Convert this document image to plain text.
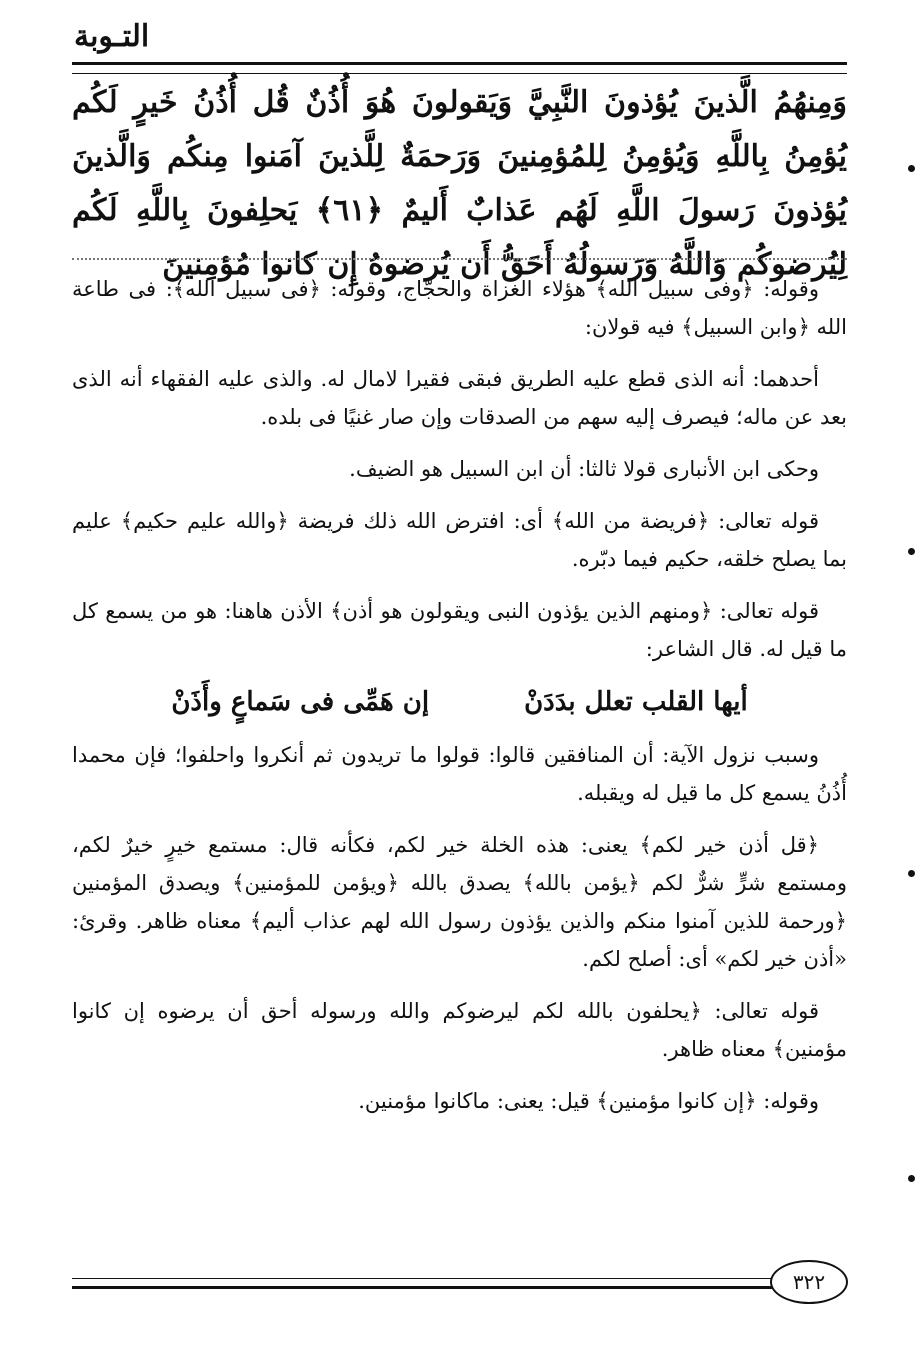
التـوبة
وَمِنهُمُ الَّذينَ يُؤذونَ النَّبِيَّ وَيَقولونَ هُوَ أُذُنٌ قُل أُذُنُ خَيرٍ لَكُم يُؤمِنُ بِاللَّهِ وَيُؤمِنُ لِلمُؤمِنينَ وَرَحمَةٌ لِلَّذينَ آمَنوا مِنكُم وَالَّذينَ يُؤذونَ رَسولَ اللَّهِ لَهُم عَذابٌ أَليمٌ ﴿٦١﴾ يَحلِفونَ بِاللَّهِ لَكُم لِيُرضوكُم وَاللَّهُ وَرَسولُهُ أَحَقُّ أَن يُرضوهُ إِن كانوا مُؤمِنينَ

وقوله: ﴿وفى سبيل الله﴾ هؤلاء الغزاة والحجّاج، وقوله: ﴿فى سبيل الله﴾: فى طاعة الله ﴿وابن السبيل﴾ فيه قولان:

أحدهما: أنه الذى قطع عليه الطريق فبقى فقيرا لامال له. والذى عليه الفقهاء أنه الذى بعد عن ماله؛ فيصرف إليه سهم من الصدقات وإن صار غنيًا فى بلده.

وحكى ابن الأنبارى قولا ثالثا: أن ابن السبيل هو الضيف.

قوله تعالى: ﴿فريضة من الله﴾ أى: افترض الله ذلك فريضة ﴿والله عليم حكيم﴾ عليم بما يصلح خلقه، حكيم فيما دبّره.

قوله تعالى: ﴿ومنهم الذين يؤذون النبى ويقولون هو أذن﴾ الأذن هاهنا: هو من يسمع كل ما قيل له. قال الشاعر:

أيها القلب تعلل بدَدَنْ
إن هَمِّى فى سَماعٍ وأَذَنْ

وسبب نزول الآية: أن المنافقين قالوا: قولوا ما تريدون ثم أنكروا واحلفوا؛ فإن محمدا أُذُنُ يسمع كل ما قيل له ويقبله.

﴿قل أذن خير لكم﴾ يعنى: هذه الخلة خير لكم، فكأنه قال: مستمع خيرٍ خيرٌ لكم، ومستمع شرٍّ شرٌّ لكم ﴿يؤمن بالله﴾ يصدق بالله ﴿ويؤمن للمؤمنين﴾ ويصدق المؤمنين ﴿ورحمة للذين آمنوا منكم والذين يؤذون رسول الله لهم عذاب أليم﴾ معناه ظاهر. وقرئ: «أذن خير لكم» أى: أصلح لكم.

قوله تعالى: ﴿يحلفون بالله لكم ليرضوكم والله ورسوله أحق أن يرضوه إن كانوا مؤمنين﴾ معناه ظاهر.

وقوله: ﴿إن كانوا مؤمنين﴾ قيل: يعنى: ماكانوا مؤمنين.

٣٢٢
